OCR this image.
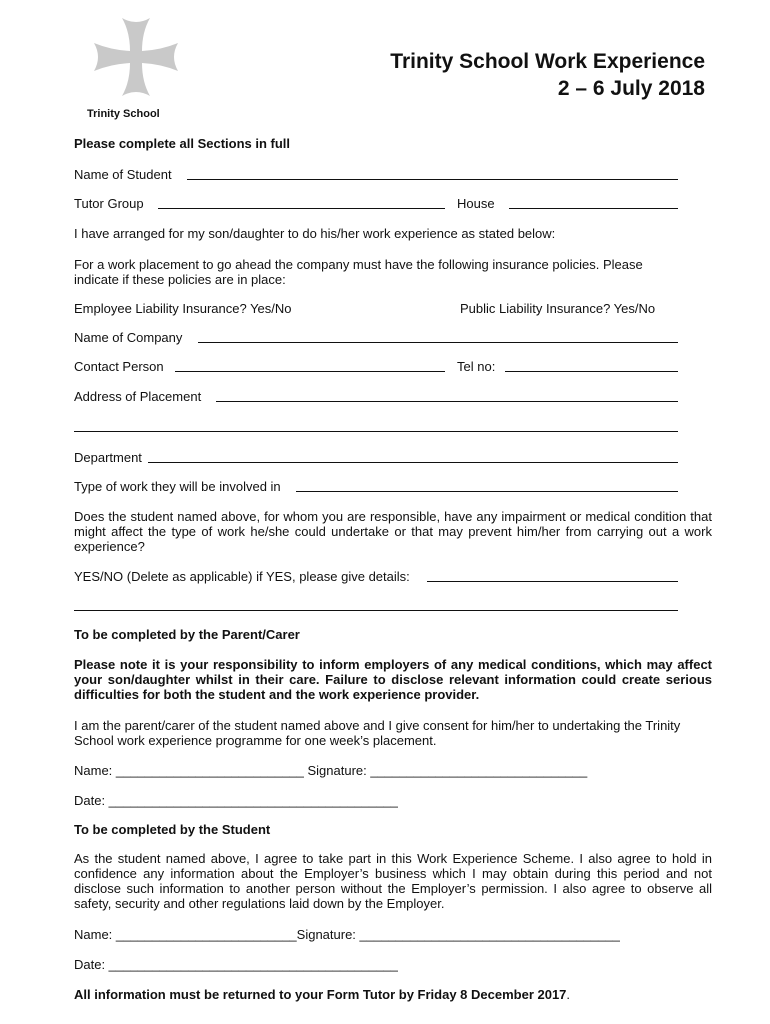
Trinity School Work Experience
2 – 6 July 2018
Trinity School
Please complete all Sections in full
Name of Student
Tutor Group	House
I have arranged for my son/daughter to do his/her work experience as stated below:
For a work placement to go ahead the company must have the following insurance policies. Please indicate if these policies are in place:
Employee Liability Insurance? Yes/No	Public Liability Insurance? Yes/No
Name of Company
Contact Person	Tel no:
Address of Placement
Department
Type of work they will be involved in
Does the student named above, for whom you are responsible, have any impairment or medical condition that might affect the type of work he/she could undertake or that may prevent him/her from carrying out a work experience?
YES/NO (Delete as applicable) if YES, please give details:
To be completed by the Parent/Carer
Please note it is your responsibility to inform employers of any medical conditions, which may affect your son/daughter whilst in their care. Failure to disclose relevant information could create serious difficulties for both the student and the work experience provider.
I am the parent/carer of the student named above and I give consent for him/her to undertaking the Trinity School work experience programme for one week’s placement.
Name: __________________________ Signature: ______________________________
Date: ________________________________________
To be completed by the Student
As the student named above, I agree to take part in this Work Experience Scheme. I also agree to hold in confidence any information about the Employer’s business which I may obtain during this period and not disclose such information to another person without the Employer’s permission. I also agree to observe all safety, security and other regulations laid down by the Employer.
Name: _________________________Signature: ____________________________________
Date: ________________________________________
All information must be returned to your Form Tutor by Friday 8 December 2017.
